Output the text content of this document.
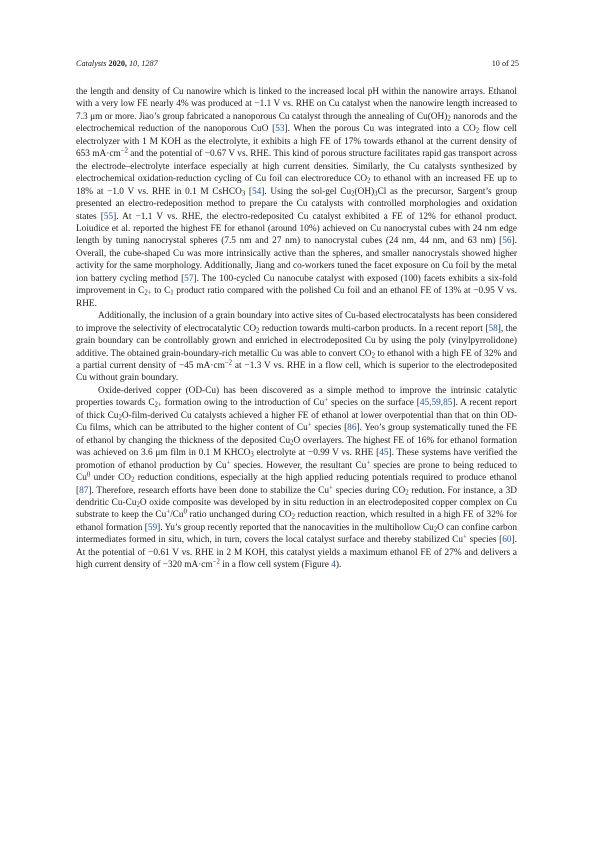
Catalysts 2020, 10, 1287	10 of 25

the length and density of Cu nanowire which is linked to the increased local pH within the nanowire arrays. Ethanol with a very low FE nearly 4% was produced at −1.1 V vs. RHE on Cu catalyst when the nanowire length increased to 7.3 μm or more. Jiao’s group fabricated a nanoporous Cu catalyst through the annealing of $Cu(OH)_2$ nanorods and the electrochemical reduction of the nanoporous CuO [53]. When the porous Cu was integrated into a $CO_2$ flow cell electrolyzer with 1 M KOH as the electrolyte, it exhibits a high FE of 17% towards ethanol at the current density of 653 $mA\cdot cm^{-2}$ and the potential of −0.67 V vs. RHE. This kind of porous structure facilitates rapid gas transport across the electrode–electrolyte interface especially at high current densities. Similarly, the Cu catalysts synthesized by electrochemical oxidation-reduction cycling of Cu foil can electroreduce $CO_2$ to ethanol with an increased FE up to 18% at −1.0 V vs. RHE in 0.1 M CsHCO$_3$ [54]. Using the sol-gel $Cu_2(OH)_3Cl$ as the precursor, Sargent’s group presented an electro-redeposition method to prepare the Cu catalysts with controlled morphologies and oxidation states [55]. At −1.1 V vs. RHE, the electro-redeposited Cu catalyst exhibited a FE of 12% for ethanol product. Loiudice et al. reported the highest FE for ethanol (around 10%) achieved on Cu nanocrystal cubes with 24 nm edge length by tuning nanocrystal spheres (7.5 nm and 27 nm) to nanocrystal cubes (24 nm, 44 nm, and 63 nm) [56]. Overall, the cube-shaped Cu was more intrinsically active than the spheres, and smaller nanocrystals showed higher activity for the same morphology. Additionally, Jiang and co-workers tuned the facet exposure on Cu foil by the metal ion battery cycling method [57]. The 100-cycled Cu nanocube catalyst with exposed (100) facets exhibits a six-fold improvement in $C_{2+}$ to $C_1$ product ratio compared with the polished Cu foil and an ethanol FE of 13% at −0.95 V vs. RHE.

Additionally, the inclusion of a grain boundary into active sites of Cu-based electrocatalysts has been considered to improve the selectivity of electrocatalytic $CO_2$ reduction towards multi-carbon products. In a recent report [58], the grain boundary can be controllably grown and enriched in electrodeposited Cu by using the poly (vinylpyrrolidone) additive. The obtained grain-boundary-rich metallic Cu was able to convert $CO_2$ to ethanol with a high FE of 32% and a partial current density of −45 $mA\cdot cm^{-2}$ at −1.3 V vs. RHE in a flow cell, which is superior to the electrodeposited Cu without grain boundary.

Oxide-derived copper (OD-Cu) has been discovered as a simple method to improve the intrinsic catalytic properties towards $C_{2+}$ formation owing to the introduction of Cu+ species on the surface [45,59,85]. A recent report of thick $Cu_2O-film$-derived Cu catalysts achieved a higher FE of ethanol at lower overpotential than that on thin OD-Cu films, which can be attributed to the higher content of Cu+ species [86]. Yeo’s group systematically tuned the FE of ethanol by changing the thickness of the deposited $Cu_2O$ overlayers. The highest FE of 16% for ethanol formation was achieved on 3.6 μm film in 0.1 M $KHCO_3$ electrolyte at −0.99 V vs. RHE [45]. These systems have verified the promotion of ethanol production by Cu+ species. However, the resultant Cu+ species are prone to being reduced to Cu$^0$ under $CO_2$ reduction conditions, especially at the high applied reducing potentials required to produce ethanol [87]. Therefore, research efforts have been done to stabilize the Cu+ species during $CO_2$ redution. For instance, a 3D dendritic $Cu-Cu_2O$ oxide composite was developed by in situ reduction in an electrodeposited copper complex on Cu substrate to keep the Cu+/Cu$^0$ ratio unchanged during $CO_2$ reduction reaction, which resulted in a high FE of 32% for ethanol formation [59]. Yu’s group recently reported that the nanocavities in the multihollow $Cu_2O$ can confine carbon intermediates formed in situ, which, in turn, covers the local catalyst surface and thereby stabilized Cu+ species [60]. At the potential of −0.61 V vs. RHE in 2 M KOH, this catalyst yields a maximum ethanol FE of 27% and delivers a high current density of −320 $mA\cdot cm^{-2}$ in a flow cell system (Figure 4).
